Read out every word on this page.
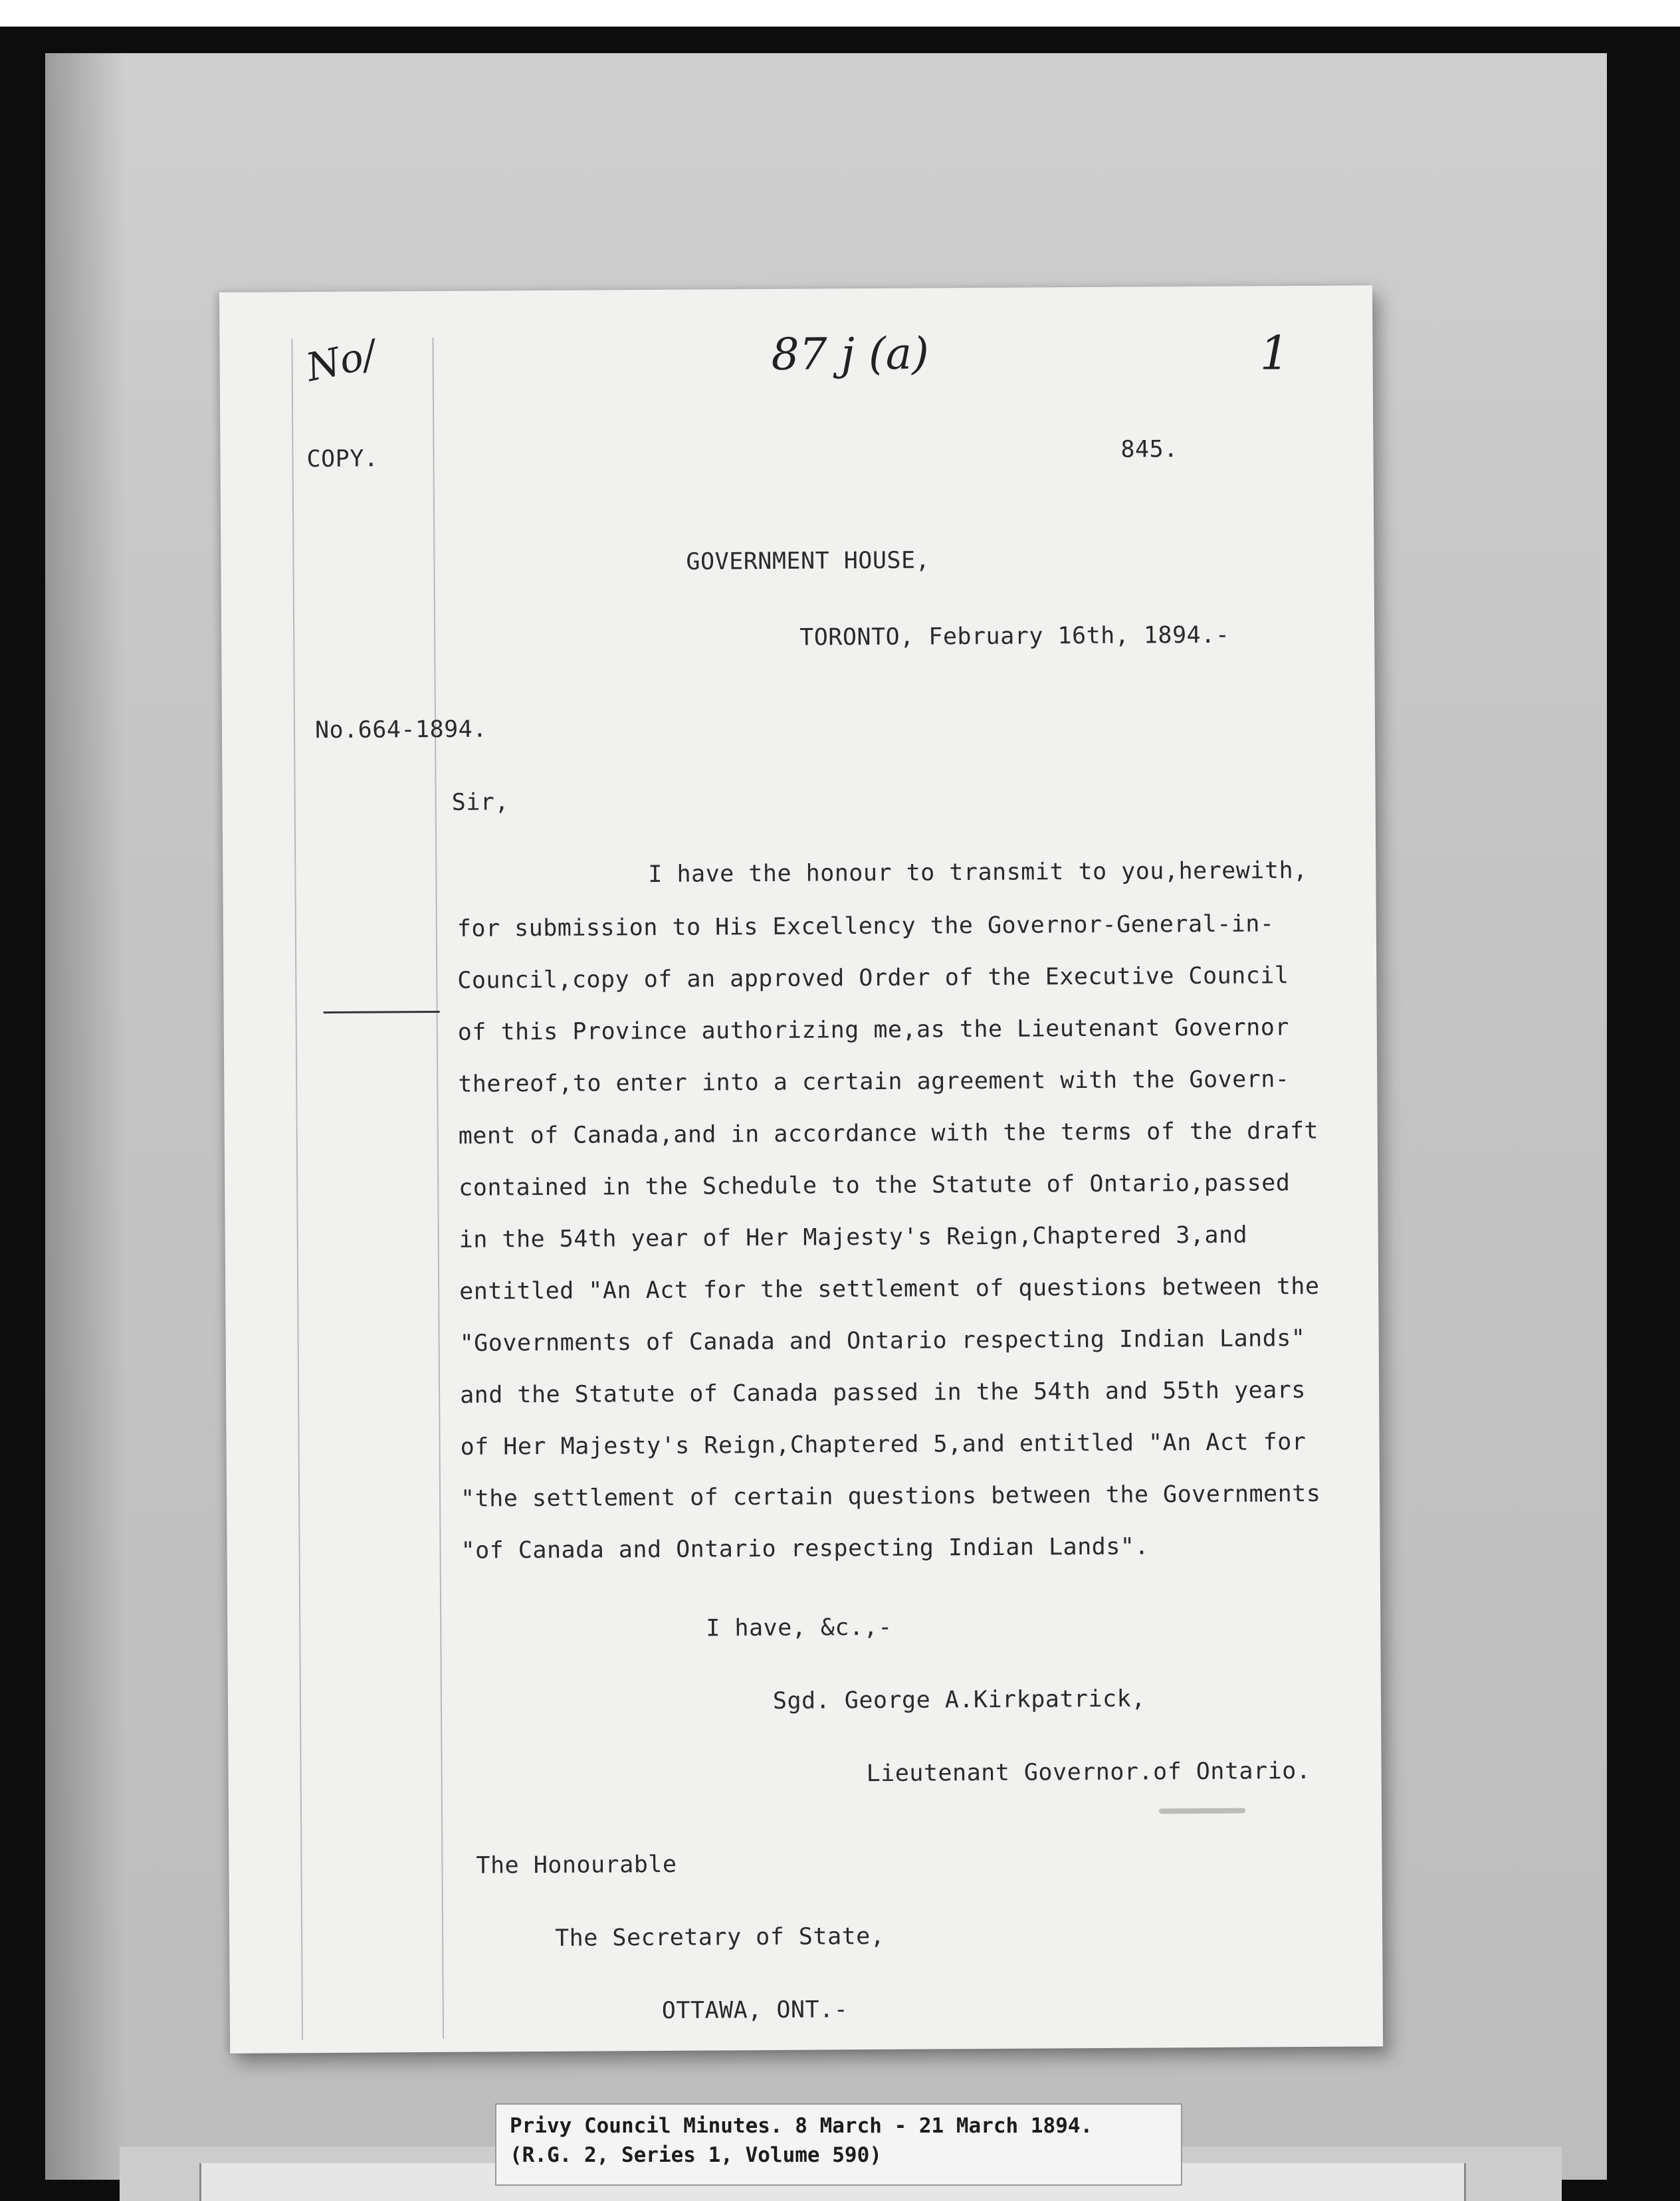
No/	87 j (a)	1
COPY.	845.
GOVERNMENT HOUSE,
TORONTO, February 16th, 1894.-
No.664-1894.
Sir,
I have the honour to transmit to you,herewith,
for submission to His Excellency the Governor-General-in-
Council,copy of an approved Order of the Executive Council
of this Province authorizing me,as the Lieutenant Governor
thereof,to enter into a certain agreement with the Govern-
ment of Canada,and in accordance with the terms of the draft
contained in the Schedule to the Statute of Ontario,passed
in the 54th year of Her Majesty's Reign,Chaptered 3,and
entitled "An Act for the settlement of questions between the
"Governments of Canada and Ontario respecting Indian Lands"
and the Statute of Canada passed in the 54th and 55th years
of Her Majesty's Reign,Chaptered 5,and entitled "An Act for
"the settlement of certain questions between the Governments
"of Canada and Ontario respecting Indian Lands".
I have, &c.,-
Sgd. George A.Kirkpatrick,
Lieutenant Governor.of Ontario.
The Honourable
The Secretary of State,
OTTAWA, ONT.-
Privy Council Minutes. 8 March - 21 March 1894.
(R.G. 2, Series 1, Volume 590)
